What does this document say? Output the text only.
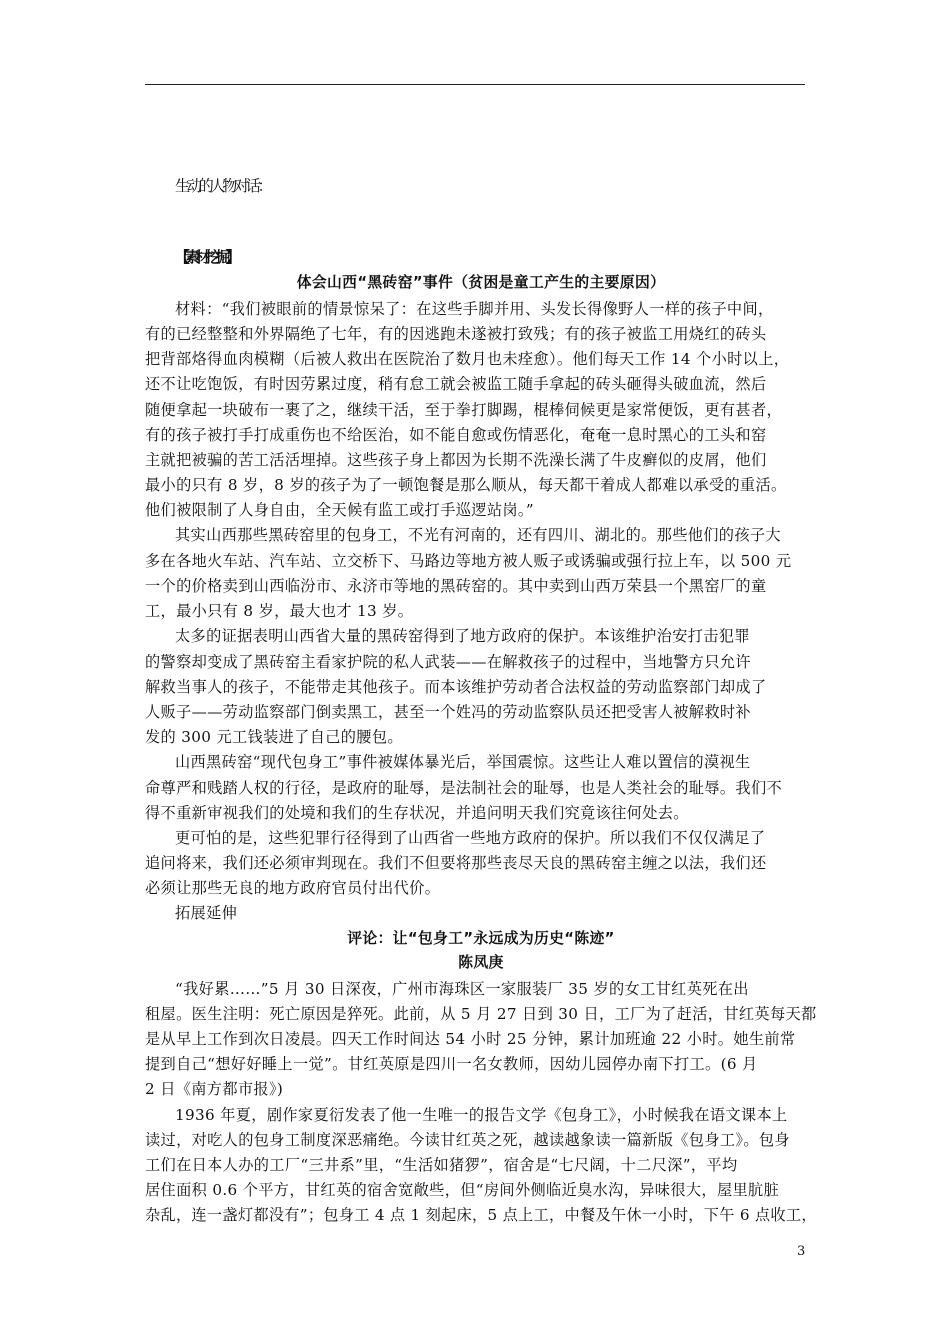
生动的人物对话：
【素材挖掘】
体会山西“黑砖窑”事件（贫困是童工产生的主要原因）
材料：“我们被眼前的情景惊呆了：在这些手脚并用、头发长得像野人一样的孩子中间，
有的已经整整和外界隔绝了七年，有的因逃跑未遂被打致残；有的孩子被监工用烧红的砖头
把背部烙得血肉模糊（后被人救出在医院治了数月也未痊愈）。他们每天工作 14 个小时以上，
还不让吃饱饭，有时因劳累过度，稍有怠工就会被监工随手拿起的砖头砸得头破血流，然后
随便拿起一块破布一裹了之，继续干活，至于拳打脚踢，棍棒伺候更是家常便饭，更有甚者，
有的孩子被打手打成重伤也不给医治，如不能自愈或伤情恶化，奄奄一息时黑心的工头和窑
主就把被骗的苦工活活埋掉。这些孩子身上都因为长期不洗澡长满了牛皮癣似的皮屑，他们
最小的只有 8 岁，8 岁的孩子为了一顿饱餐是那么顺从，每天都干着成人都难以承受的重活。
他们被限制了人身自由，全天候有监工或打手巡逻站岗。”
其实山西那些黑砖窑里的包身工，不光有河南的，还有四川、湖北的。那些他们的孩子大
多在各地火车站、汽车站、立交桥下、马路边等地方被人贩子或诱骗或强行拉上车，以 500 元
一个的价格卖到山西临汾市、永济市等地的黑砖窑的。其中卖到山西万荣县一个黑窑厂的童
工，最小只有 8 岁，最大也才 13 岁。
太多的证据表明山西省大量的黑砖窑得到了地方政府的保护。本该维护治安打击犯罪
的警察却变成了黑砖窑主看家护院的私人武装——在解救孩子的过程中，当地警方只允许
解救当事人的孩子，不能带走其他孩子。而本该维护劳动者合法权益的劳动监察部门却成了
人贩子——劳动监察部门倒卖黑工，甚至一个姓冯的劳动监察队员还把受害人被解救时补
发的 300 元工钱装进了自己的腰包。
山西黑砖窑“现代包身工”事件被媒体暴光后，举国震惊。这些让人难以置信的漠视生
命尊严和贱踏人权的行径，是政府的耻辱，是法制社会的耻辱，也是人类社会的耻辱。我们不
得不重新审视我们的处境和我们的生存状况，并追问明天我们究竟该往何处去。
更可怕的是，这些犯罪行径得到了山西省一些地方政府的保护。所以我们不仅仅满足了
追问将来，我们还必须审判现在。我们不但要将那些丧尽天良的黑砖窑主缠之以法，我们还
必须让那些无良的地方政府官员付出代价。
拓展延伸
评论：让“包身工”永远成为历史“陈迹”
陈凤庚
“我好累……”5 月 30 日深夜，广州市海珠区一家服装厂 35 岁的女工甘红英死在出
租屋。医生注明：死亡原因是猝死。此前，从 5 月 27 日到 30 日，工厂为了赶活，甘红英每天都
是从早上工作到次日凌晨。四天工作时间达 54 小时 25 分钟，累计加班逾 22 小时。她生前常
提到自己“想好好睡上一觉”。甘红英原是四川一名女教师，因幼儿园停办南下打工。(6 月
2 日《南方都市报》)
1936 年夏，剧作家夏衍发表了他一生唯一的报告文学《包身工》，小时候我在语文课本上
读过，对吃人的包身工制度深恶痛绝。今读甘红英之死，越读越象读一篇新版《包身工》。包身
工们在日本人办的工厂“三井系”里，“生活如猪猡”，宿舍是“七尺阔，十二尺深”，平均
居住面积 0.6 个平方，甘红英的宿舍宽敞些，但“房间外侧临近臭水沟，异味很大，屋里肮脏
杂乱，连一盏灯都没有”；包身工 4 点 1 刻起床，5 点上工，中餐及午休一小时，下午 6 点收工，
3
